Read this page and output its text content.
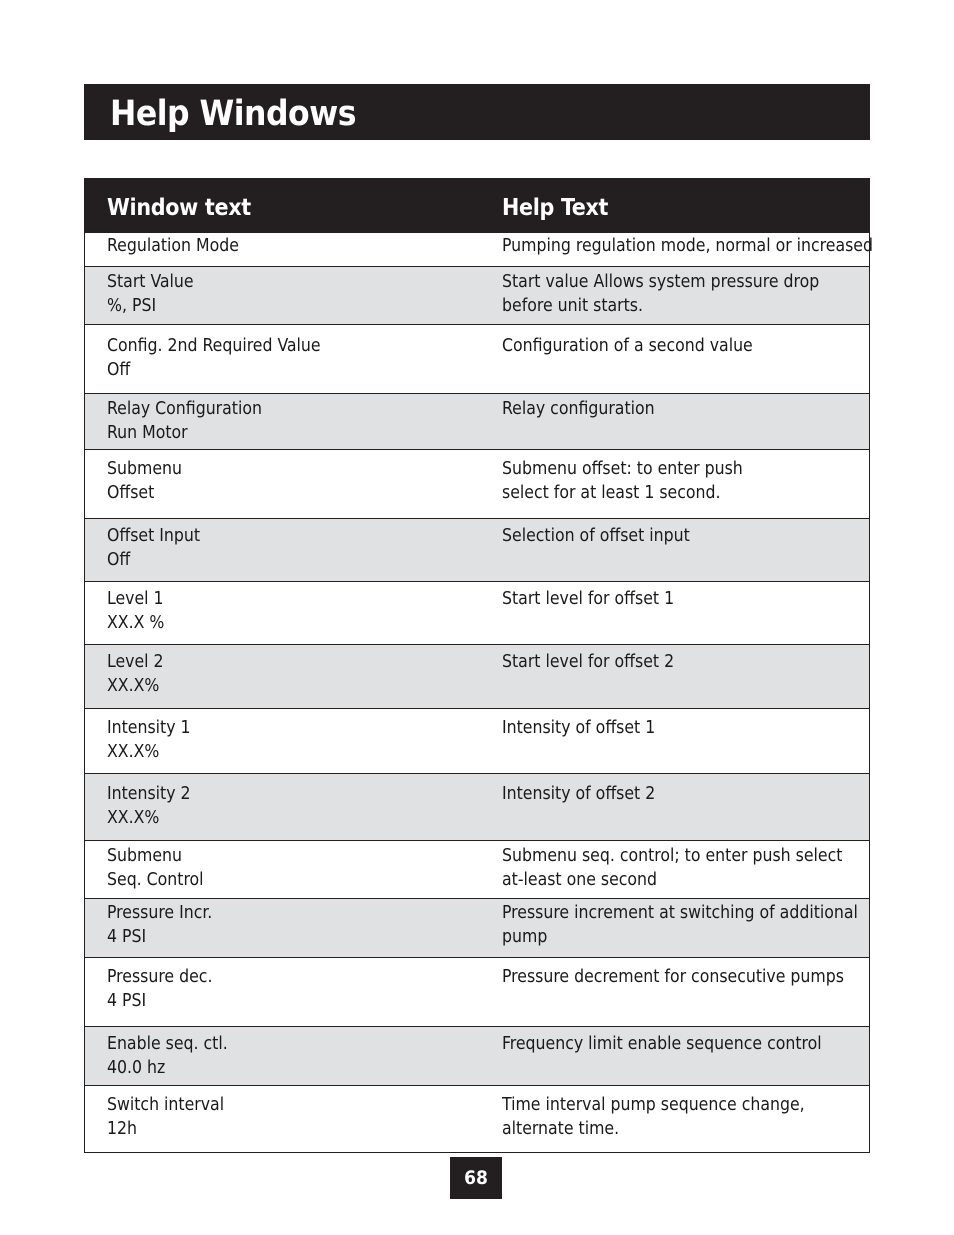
Help Windows
Window text	Help Text
Regulation Mode	Pumping regulation mode, normal or increased
Start Value
%, PSI
Start value Allows system pressure drop
before unit starts.
Config. 2nd Required Value
Off
Configuration of a second value
Relay Configuration
Run Motor
Relay configuration
Submenu
Offset
Submenu offset: to enter push
select for at least 1 second.
Offset Input
Off
Selection of offset input
Level 1
XX.X %
Start level for offset 1
Level 2
XX.X%
Start level for offset 2
Intensity 1
XX.X%
Intensity of offset 1
Intensity 2
XX.X%
Intensity of offset 2
Submenu
Seq. Control
Submenu seq. control; to enter push select
at-least one second
Pressure Incr.
4 PSI
Pressure increment at switching of additional
pump
Pressure dec.
4 PSI
Pressure decrement for consecutive pumps
Enable seq. ctl.
40.0 hz
Frequency limit enable sequence control
Switch interval
12h
Time interval pump sequence change,
alternate time.
68
